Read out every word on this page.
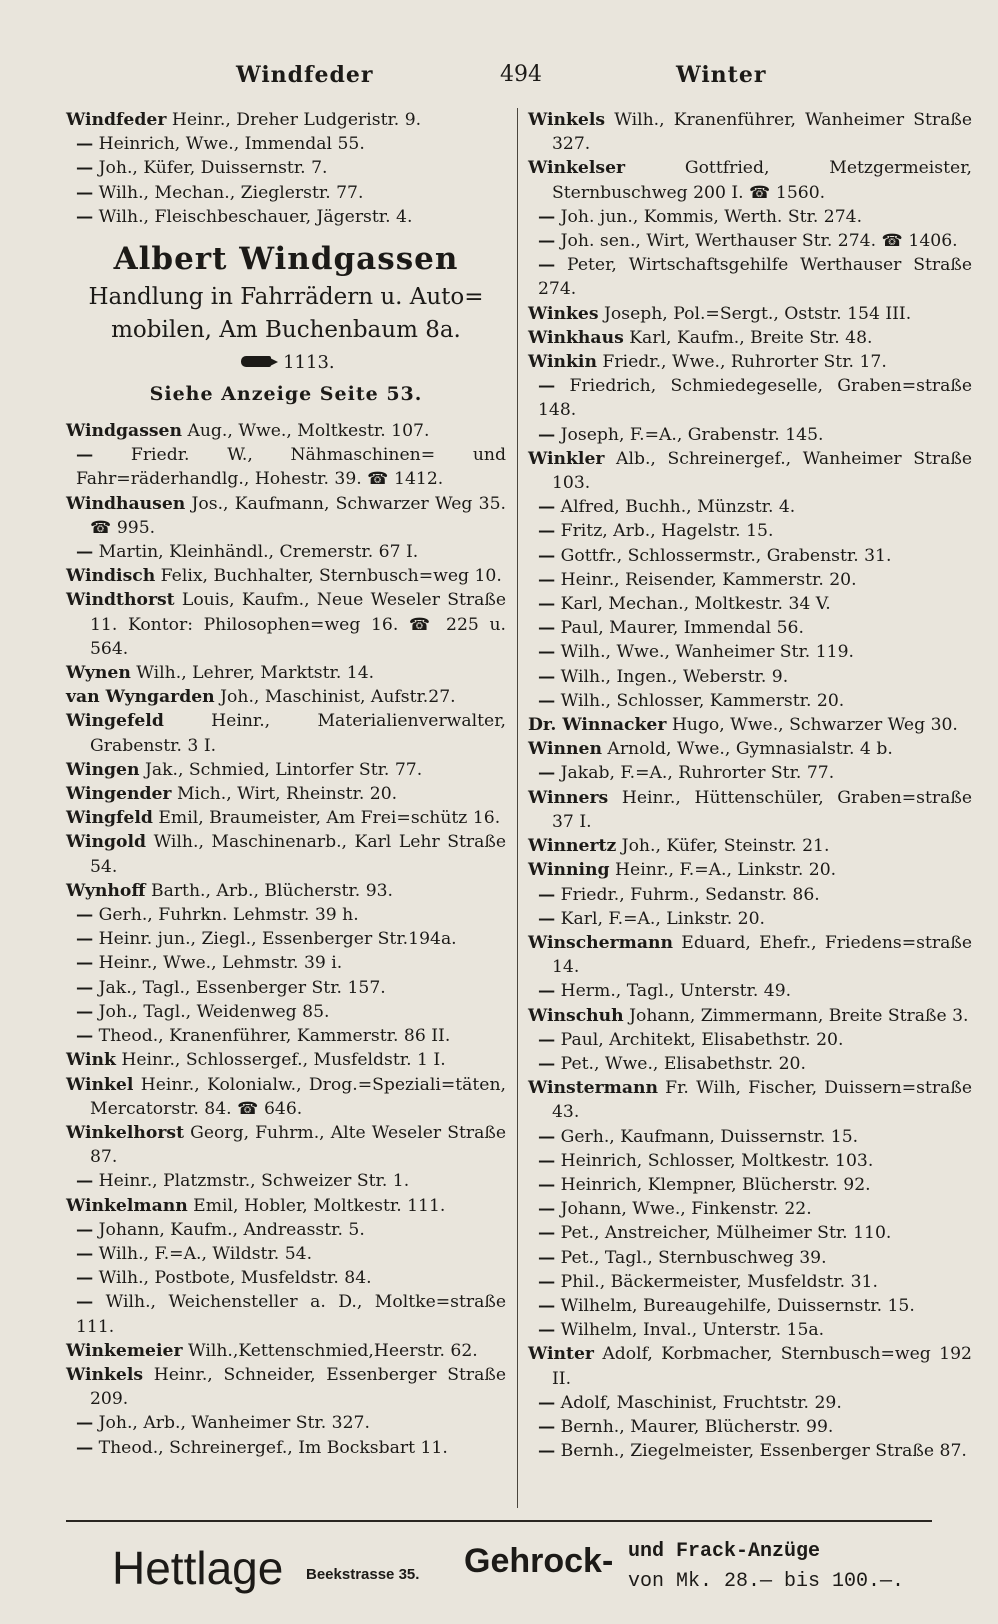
Windfeder	494	Winter

Windfeder Heinr., Dreher Ludgeristr. 9.

— Heinrich, Wwe., Immendal 55.

— Joh., Küfer, Duissernstr. 7.

— Wilh., Mechan., Zieglerstr. 77.

— Wilh., Fleischbeschauer, Jägerstr. 4.

Albert Windgassen
Handlung in Fahrrädern u. Auto=
mobilen, Am Buchenbaum 8a.
1113.
Siehe Anzeige Seite 53.

Windgassen Aug., Wwe., Moltkestr. 107.

— Friedr. W., Nähmaschinen= und Fahr=räderhandlg., Hohestr. 39. ☎ 1412.

Windhausen Jos., Kaufmann, Schwarzer Weg 35. ☎ 995.

— Martin, Kleinhändl., Cremerstr. 67 I.

Windisch Felix, Buchhalter, Sternbusch=weg 10.

Windthorst Louis, Kaufm., Neue Weseler Straße 11. Kontor: Philosophen=weg 16. ☎ 225 u. 564.

Wynen Wilh., Lehrer, Marktstr. 14.

van Wyngarden Joh., Maschinist, Aufstr.27.

Wingefeld Heinr., Materialienverwalter, Grabenstr. 3 I.

Wingen Jak., Schmied, Lintorfer Str. 77.

Wingender Mich., Wirt, Rheinstr. 20.

Wingfeld Emil, Braumeister, Am Frei=schütz 16.

Wingold Wilh., Maschinenarb., Karl Lehr Straße 54.

Wynhoff Barth., Arb., Blücherstr. 93.

— Gerh., Fuhrkn. Lehmstr. 39 h.

— Heinr. jun., Ziegl., Essenberger Str.194a.

— Heinr., Wwe., Lehmstr. 39 i.

— Jak., Tagl., Essenberger Str. 157.

— Joh., Tagl., Weidenweg 85.

— Theod., Kranenführer, Kammerstr. 86 II.

Wink Heinr., Schlossergef., Musfeldstr. 1 I.

Winkel Heinr., Kolonialw., Drog.=Speziali=täten, Mercatorstr. 84. ☎ 646.

Winkelhorst Georg, Fuhrm., Alte Weseler Straße 87.

— Heinr., Platzmstr., Schweizer Str. 1.

Winkelmann Emil, Hobler, Moltkestr. 111.

— Johann, Kaufm., Andreasstr. 5.

— Wilh., F.=A., Wildstr. 54.

— Wilh., Postbote, Musfeldstr. 84.

— Wilh., Weichensteller a. D., Moltke=straße 111.

Winkemeier Wilh.,Kettenschmied,Heerstr. 62.

Winkels Heinr., Schneider, Essenberger Straße 209.

— Joh., Arb., Wanheimer Str. 327.

— Theod., Schreinergef., Im Bocksbart 11.

Winkels Wilh., Kranenführer, Wanheimer Straße 327.

Winkelser Gottfried, Metzgermeister, Sternbuschweg 200 I. ☎ 1560.

— Joh. jun., Kommis, Werth. Str. 274.

— Joh. sen., Wirt, Werthauser Str. 274. ☎ 1406.

— Peter, Wirtschaftsgehilfe Werthauser Straße 274.

Winkes Joseph, Pol.=Sergt., Oststr. 154 III.

Winkhaus Karl, Kaufm., Breite Str. 48.

Winkin Friedr., Wwe., Ruhrorter Str. 17.

— Friedrich, Schmiedegeselle, Graben=straße 148.

— Joseph, F.=A., Grabenstr. 145.

Winkler Alb., Schreinergef., Wanheimer Straße 103.

— Alfred, Buchh., Münzstr. 4.

— Fritz, Arb., Hagelstr. 15.

— Gottfr., Schlossermstr., Grabenstr. 31.

— Heinr., Reisender, Kammerstr. 20.

— Karl, Mechan., Moltkestr. 34 V.

— Paul, Maurer, Immendal 56.

— Wilh., Wwe., Wanheimer Str. 119.

— Wilh., Ingen., Weberstr. 9.

— Wilh., Schlosser, Kammerstr. 20.

Dr. Winnacker Hugo, Wwe., Schwarzer Weg 30.

Winnen Arnold, Wwe., Gymnasialstr. 4 b.

— Jakab, F.=A., Ruhrorter Str. 77.

Winners Heinr., Hüttenschüler, Graben=straße 37 I.

Winnertz Joh., Küfer, Steinstr. 21.

Winning Heinr., F.=A., Linkstr. 20.

— Friedr., Fuhrm., Sedanstr. 86.

— Karl, F.=A., Linkstr. 20.

Winschermann Eduard, Ehefr., Friedens=straße 14.

— Herm., Tagl., Unterstr. 49.

Winschuh Johann, Zimmermann, Breite Straße 3.

— Paul, Architekt, Elisabethstr. 20.

— Pet., Wwe., Elisabethstr. 20.

Winstermann Fr. Wilh, Fischer, Duissern=straße 43.

— Gerh., Kaufmann, Duissernstr. 15.

— Heinrich, Schlosser, Moltkestr. 103.

— Heinrich, Klempner, Blücherstr. 92.

— Johann, Wwe., Finkenstr. 22.

— Pet., Anstreicher, Mülheimer Str. 110.

— Pet., Tagl., Sternbuschweg 39.

— Phil., Bäckermeister, Musfeldstr. 31.

— Wilhelm, Bureaugehilfe, Duissernstr. 15.

— Wilhelm, Inval., Unterstr. 15a.

Winter Adolf, Korbmacher, Sternbusch=weg 192 II.

— Adolf, Maschinist, Fruchtstr. 29.

— Bernh., Maurer, Blücherstr. 99.

— Bernh., Ziegelmeister, Essenberger Straße 87.

Hettlage Beekstrasse 35. Gehrock- und Frack-Anzüge
von Mk. 28.— bis 100.—.
